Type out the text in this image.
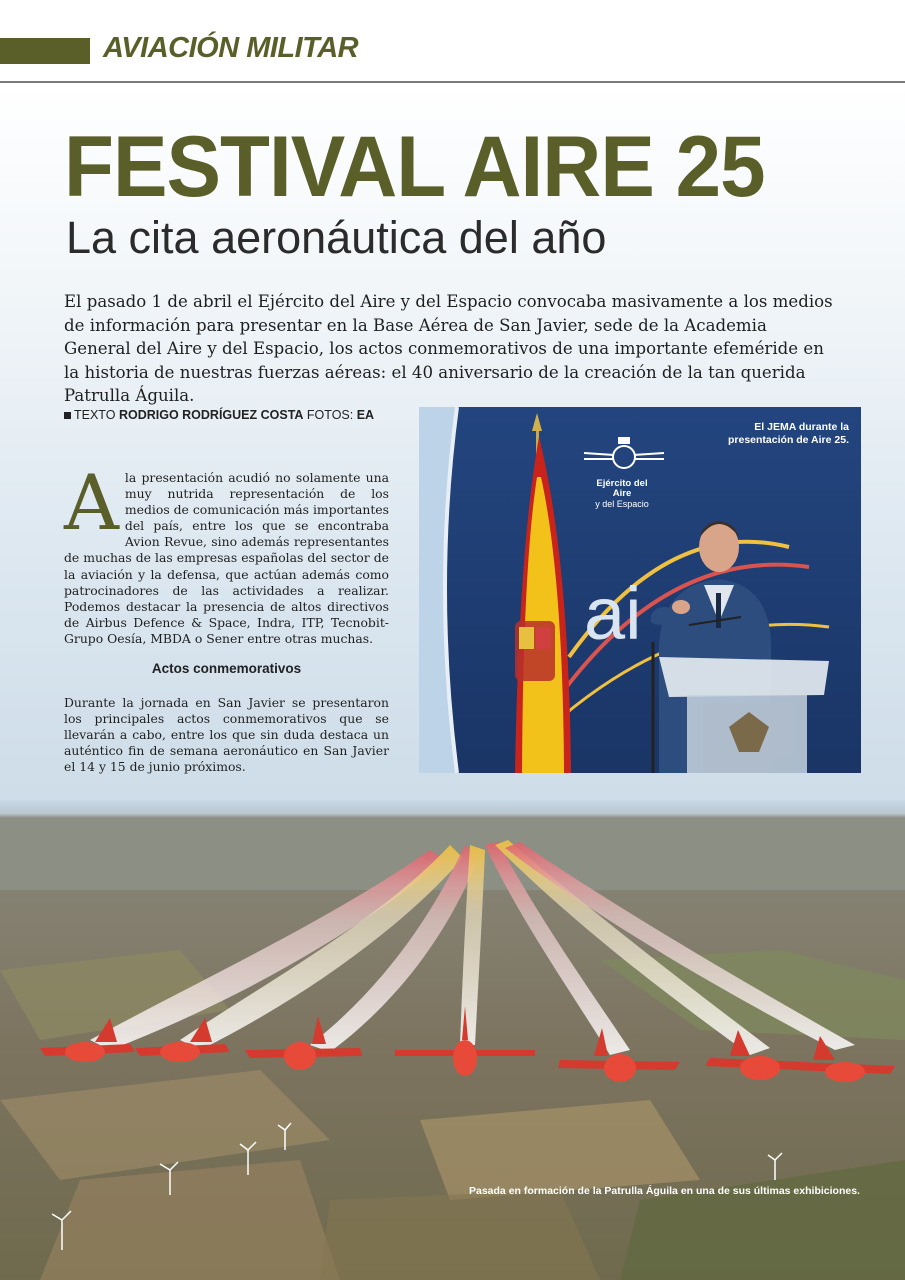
AVIACIÓN MILITAR
FESTIVAL AIRE 25
La cita aeronáutica del año
El pasado 1 de abril el Ejército del Aire y del Espacio convocaba masivamente a los medios de información para presentar en la Base Aérea de San Javier, sede de la Academia General del Aire y del Espacio, los actos conmemorativos de una importante efeméride en la historia de nuestras fuerzas aéreas: el 40 aniversario de la creación de la tan querida Patrulla Águila.
TEXTO RODRIGO RODRÍGUEZ COSTA FOTOS: EA
A la presentación acudió no solamente una muy nutrida representación de los medios de comunicación más importantes del país, entre los que se encontraba Avion Revue, sino además representantes de muchas de las empresas españolas del sector de la aviación y la defensa, que actúan además como patrocinadores de las actividades a realizar. Podemos destacar la presencia de altos directivos de Airbus Defence & Space, Indra, ITP, Tecnobit-Grupo Oesía, MBDA o Sener entre otras muchas.

Actos conmemorativos
Durante la jornada en San Javier se presentaron los principales actos conmemorativos que se llevarán a cabo, entre los que sin duda destaca un auténtico fin de semana aeronáutico en San Javier el 14 y 15 de junio próximos.
ai
Ejército del Aire
y del Espacio
El JEMA durante la presentación de Aire 25.
Pasada en formación de la Patrulla Águila en una de sus últimas exhibiciones.
